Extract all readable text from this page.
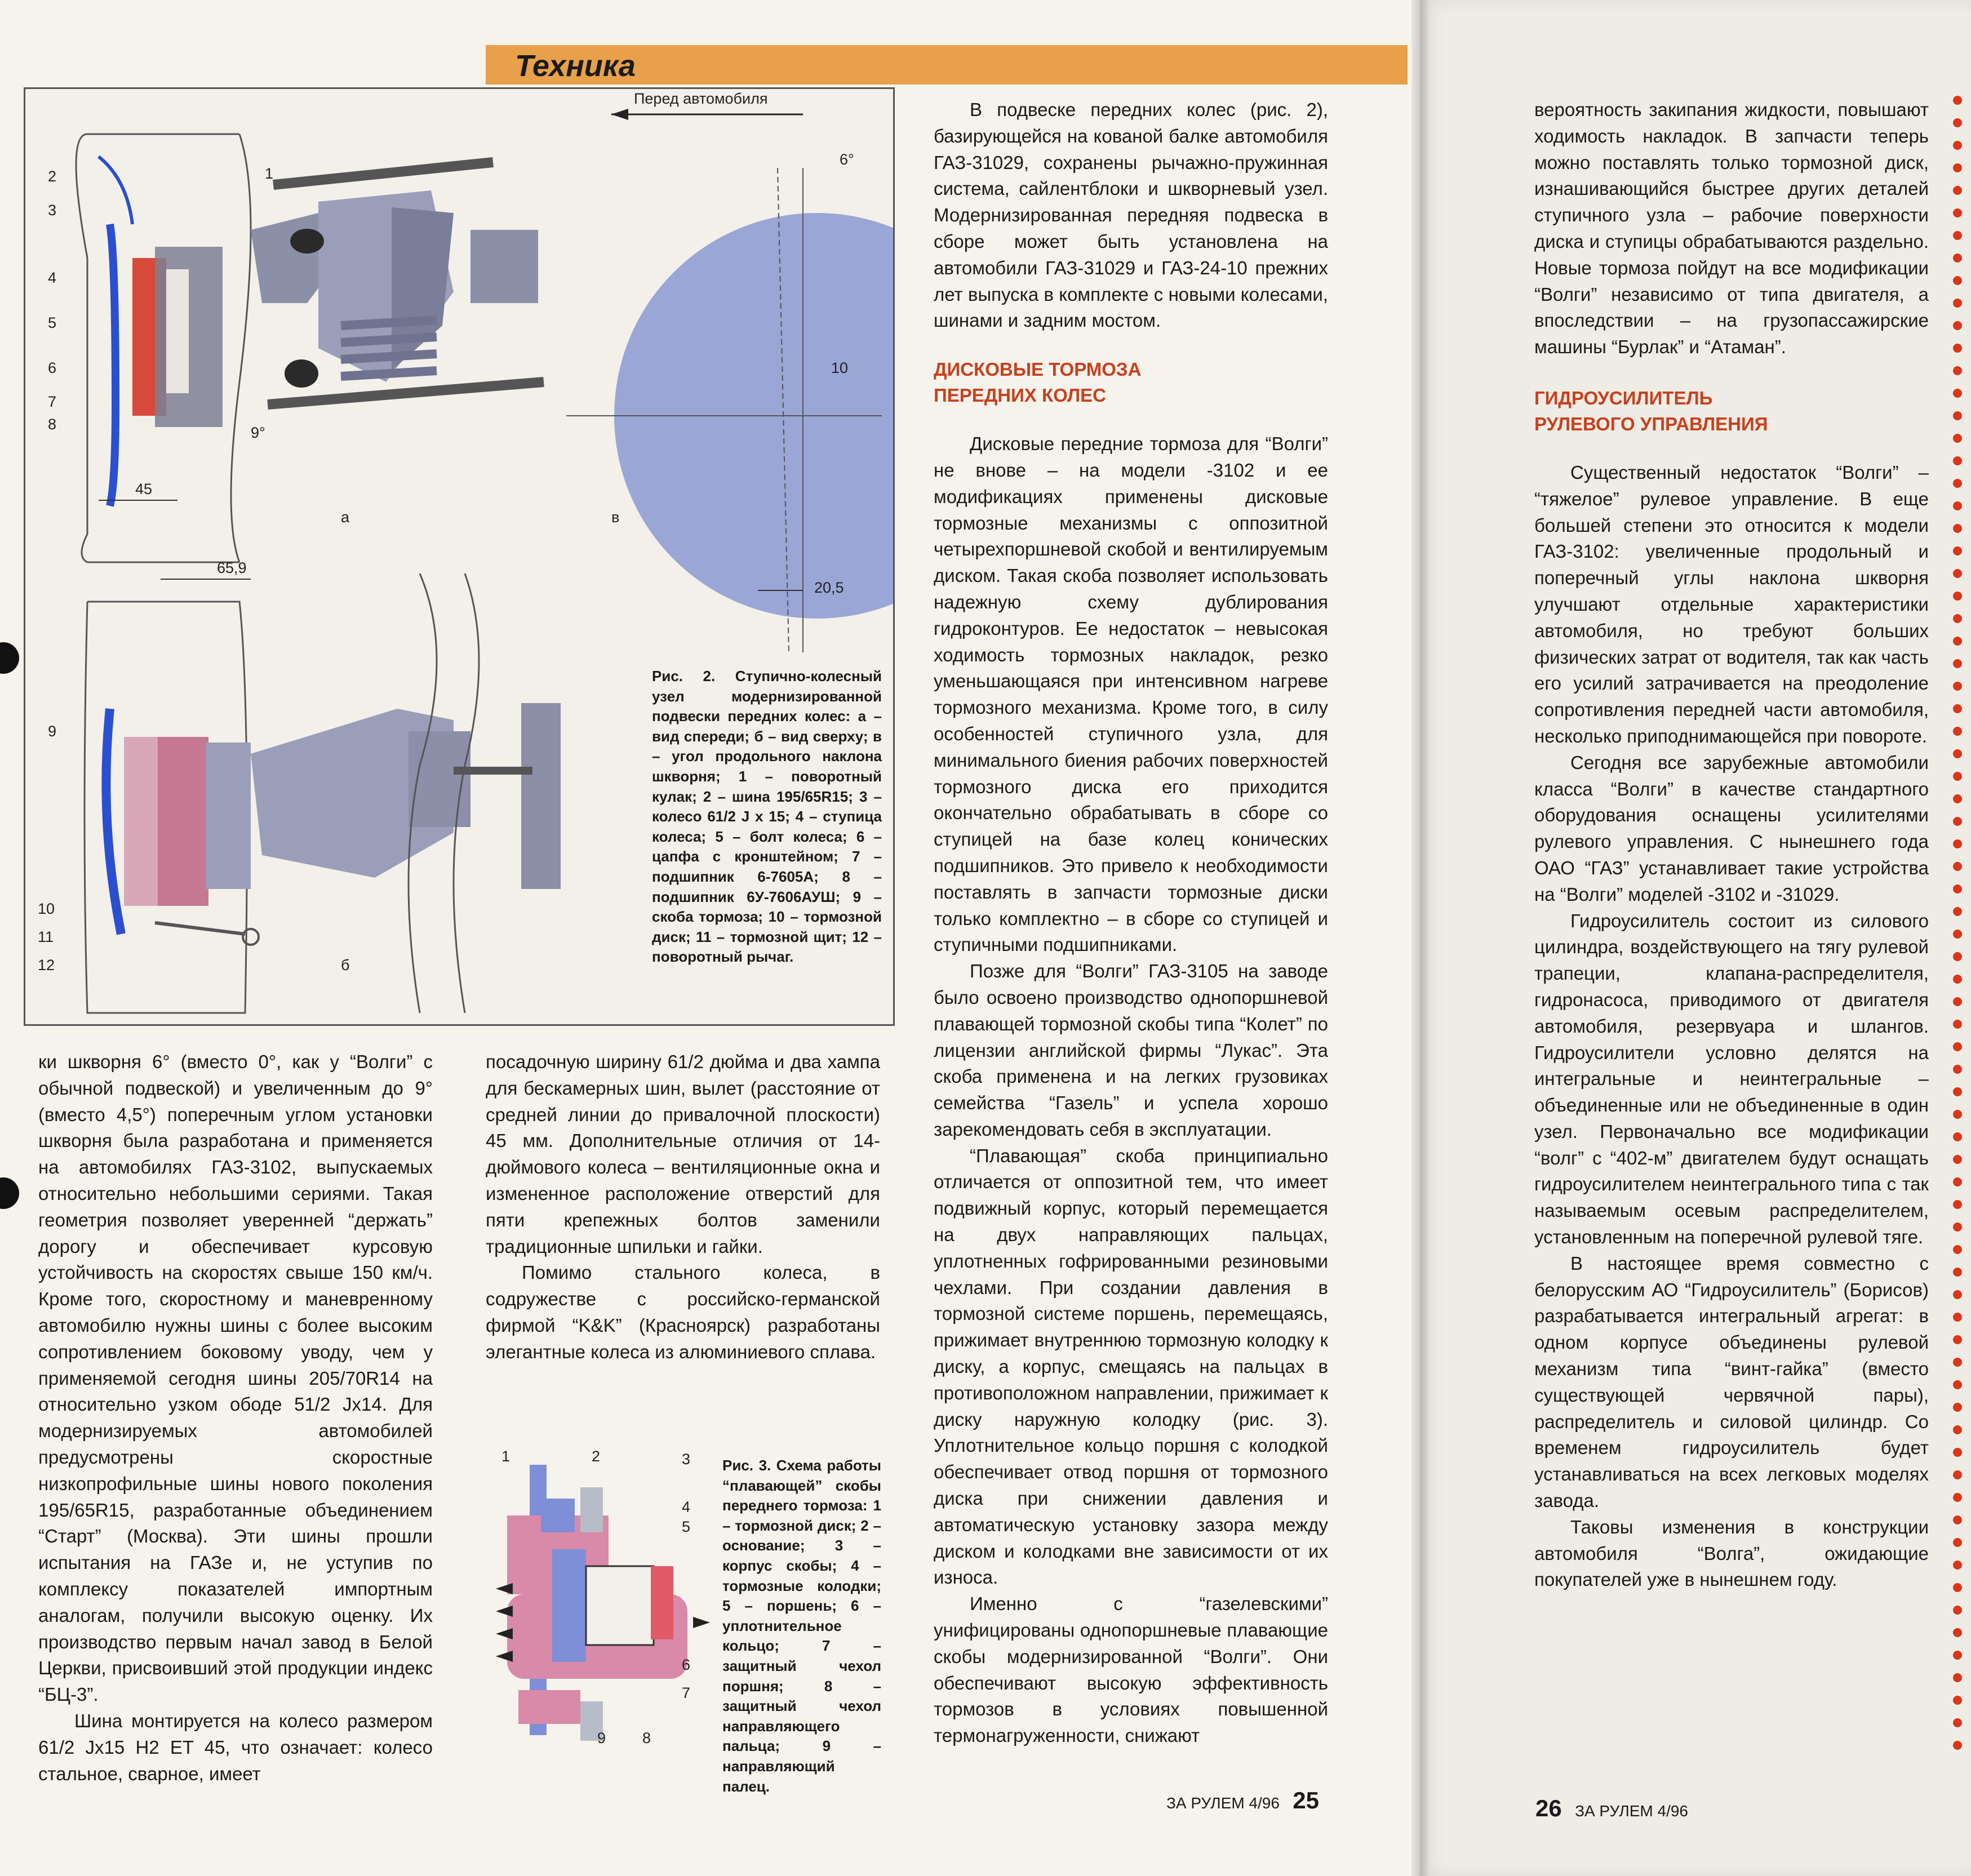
Техника
Перед автомобиля
1
2
3
4
5
6
7
8
9
10
11
12
а
б
в
45
65,9
20,5
10
6°
9°
Рис. 2. Ступично-колесный узел модернизированной подвески передних колес: а – вид спереди; б – вид сверху; в – угол продольного наклона шкворня; 1 – поворотный кулак; 2 – шина 195/65R15; 3 – колесо 61/2 J x 15; 4 – ступица колеса; 5 – болт колеса; 6 – цапфа с кронштейном; 7 – подшипник 6-7605А; 8 – подшипник 6У-7606АУШ; 9 – скоба тормоза; 10 – тормозной диск; 11 – тормозной щит; 12 – поворотный рычаг.

ки шкворня 6° (вместо 0°, как у “Волги” с обычной подвеской) и увеличенным до 9° (вместо 4,5°) поперечным углом установки шкворня была разработана и применяется на автомобилях ГАЗ-3102, выпускаемых относительно небольшими сериями. Такая геометрия позволяет уверенней “держать” дорогу и обеспечивает курсовую устойчивость на скоростях свыше 150 км/ч. Кроме того, скоростному и маневренному автомобилю нужны шины с более высоким сопротивлением боковому уводу, чем у применяемой сегодня шины 205/70R14 на относительно узком ободе 51/2 Jx14. Для модернизируемых автомобилей предусмотрены скоростные низкопрофильные шины нового поколения 195/65R15, разработанные объединением “Старт” (Москва). Эти шины прошли испытания на ГАЗе и, не уступив по комплексу показателей импортным аналогам, получили высокую оценку. Их производство первым начал завод в Белой Церкви, присвоивший этой продукции индекс “БЦ-3”.

Шина монтируется на колесо размером 61/2 Jx15 H2 ET 45, что означает: колесо стальное, сварное, имеет

посадочную ширину 61/2 дюйма и два хампа для бескамерных шин, вылет (расстояние от средней линии до привалочной плоскости) 45 мм. Дополнительные отличия от 14-дюймового колеса – вентиляционные окна и измененное расположение отверстий для пяти крепежных болтов заменили традиционные шпильки и гайки.

Помимо стального колеса, в содружестве с российско-германской фирмой “K&K” (Красноярск) разработаны элегантные колеса из алюминиевого сплава.

1	2	3
4
5
6
7
8
9
Рис. 3. Схема работы “плавающей” скобы переднего тормоза: 1 – тормозной диск; 2 – основание; 3 – корпус скобы; 4 – тормозные колодки; 5 – поршень; 6 – уплотнительное кольцо; 7 – защитный чехол поршня; 8 – защитный чехол направляющего пальца; 9 –направляющий палец.

В подвеске передних колес (рис. 2), базирующейся на кованой балке автомобиля ГАЗ-31029, сохранены рычажно-пружинная система, сайлентблоки и шкворневый узел. Модернизированная передняя подвеска в сборе может быть установлена на автомобили ГАЗ-31029 и ГАЗ-24-10 прежних лет выпуска в комплекте с новыми колесами, шинами и задним мостом.

ДИСКОВЫЕ ТОРМОЗА
ПЕРЕДНИХ КОЛЕС

Дисковые передние тормоза для “Волги” не внове – на модели -3102 и ее модификациях применены дисковые тормозные механизмы с оппозитной четырехпоршневой скобой и вентилируемым диском. Такая скоба позволяет использовать надежную схему дублирования гидроконтуров. Ее недостаток – невысокая ходимость тормозных накладок, резко уменьшающаяся при интенсивном нагреве тормозного механизма. Кроме того, в силу особенностей ступичного узла, для минимального биения рабочих поверхностей тормозного диска его приходится окончательно обрабатывать в сборе со ступицей на базе колец конических подшипников. Это привело к необходимости поставлять в запчасти тормозные диски только комплектно – в сборе со ступицей и ступичными подшипниками.

Позже для “Волги” ГАЗ-3105 на заводе было освоено производство однопоршневой плавающей тормозной скобы типа “Колет” по лицензии английской фирмы “Лукас”. Эта скоба применена и на легких грузовиках семейства “Газель” и успела хорошо зарекомендовать себя в эксплуатации.

“Плавающая” скоба принципиально отличается от оппозитной тем, что имеет подвижный корпус, который перемещается на двух направляющих пальцах, уплотненных гофрированными резиновыми чехлами. При создании давления в тормозной системе поршень, перемещаясь, прижимает внутреннюю тормозную колодку к диску, а корпус, смещаясь на пальцах в противоположном направлении, прижимает к диску наружную колодку (рис. 3). Уплотнительное кольцо поршня с колодкой обеспечивает отвод поршня от тормозного диска при снижении давления и автоматическую установку зазора между диском и колодками вне зависимости от их износа.

Именно с “газелевскими” унифицированы однопоршневые плавающие скобы модернизированной “Волги”. Они обеспечивают высокую эффективность тормозов в условиях повышенной термонагруженности, снижают

вероятность закипания жидкости, повышают ходимость накладок. В запчасти теперь можно поставлять только тормозной диск, изнашивающийся быстрее других деталей ступичного узла – рабочие поверхности диска и ступицы обрабатываются раздельно. Новые тормоза пойдут на все модификации “Волги” независимо от типа двигателя, а впоследствии – на грузопассажирские машины “Бурлак” и “Атаман”.

ГИДРОУСИЛИТЕЛЬ
РУЛЕВОГО УПРАВЛЕНИЯ

Существенный недостаток “Волги” – “тяжелое” рулевое управление. В еще большей степени это относится к модели ГАЗ-3102: увеличенные продольный и поперечный углы наклона шкворня улучшают отдельные характеристики автомобиля, но требуют больших физических затрат от водителя, так как часть его усилий затрачивается на преодоление сопротивления передней части автомобиля, несколько приподнимающейся при повороте.

Сегодня все зарубежные автомобили класса “Волги” в качестве стандартного оборудования оснащены усилителями рулевого управления. С нынешнего года ОАО “ГАЗ” устанавливает такие устройства на “Волги” моделей -3102 и -31029.

Гидроусилитель состоит из силового цилиндра, воздействующего на тягу рулевой трапеции, клапана-распределителя, гидронасоса, приводимого от двигателя автомобиля, резервуара и шлангов. Гидроусилители условно делятся на интегральные и неинтегральные – объединенные или не объединенные в один узел. Первоначально все модификации “волг” с “402-м” двигателем будут оснащать гидроусилителем неинтегрального типа с так называемым осевым распределителем, установленным на поперечной рулевой тяге.

В настоящее время совместно с белорусским АО “Гидроусилитель” (Борисов) разрабатывается интегральный агрегат: в одном корпусе объединены рулевой механизм типа “винт-гайка” (вместо существующей червячной пары), распределитель и силовой цилиндр. Со временем гидроусилитель будет устанавливаться на всех легковых моделях завода.

Таковы изменения в конструкции автомобиля “Волга”, ожидающие покупателей уже в нынешнем году.

ЗА РУЛЕМ 4/96 25	26 ЗА РУЛЕМ 4/96
